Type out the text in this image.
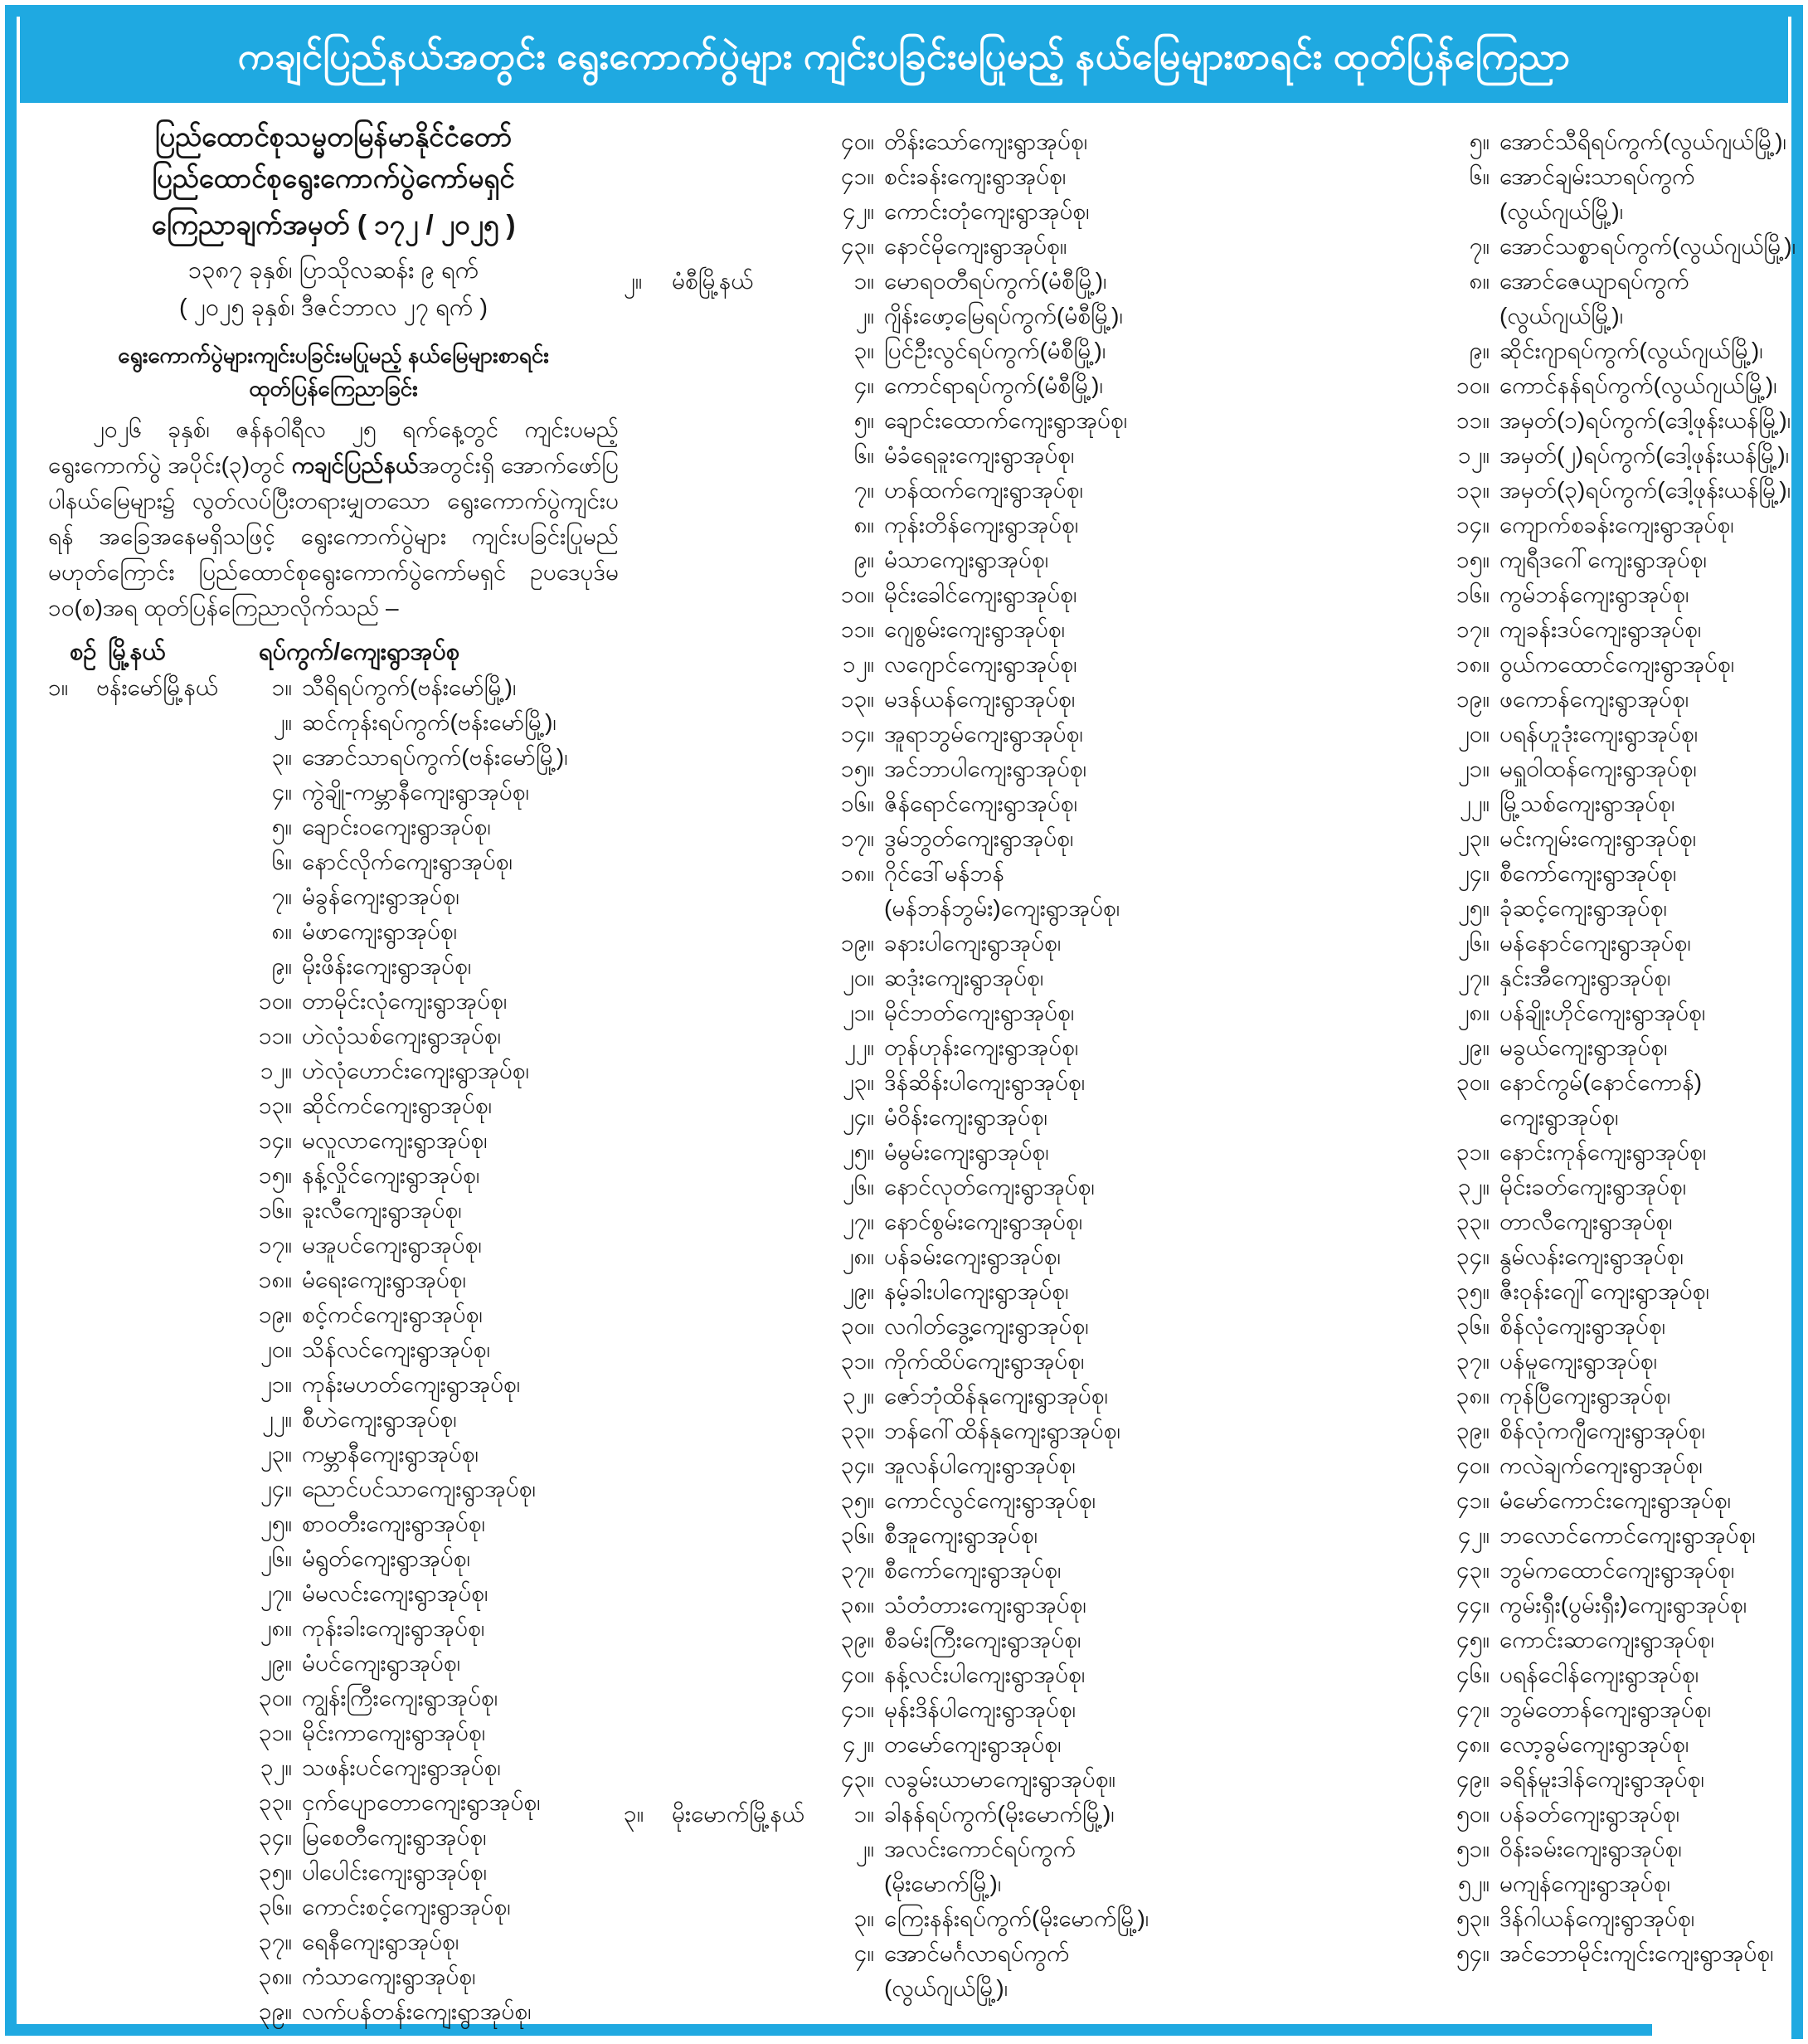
ကချင်ပြည်နယ်အတွင်း ရွေးကောက်ပွဲများ ကျင်းပခြင်းမပြုမည့် နယ်မြေများစာရင်း ထုတ်ပြန်ကြေညာ
ပြည်ထောင်စုသမ္မတမြန်မာနိုင်ငံတော်
ပြည်ထောင်စုရွေးကောက်ပွဲကော်မရှင်
ကြေညာချက်အမှတ် ( ၁၇၂ / ၂၀၂၅ )
၁၃၈၇ ခုနှစ်၊ ပြာသိုလဆန်း ၉ ရက်
( ၂၀၂၅ ခုနှစ်၊ ဒီဇင်ဘာလ ၂၇ ရက် )
ရွေးကောက်ပွဲများကျင်းပခြင်းမပြုမည့် နယ်မြေများစာရင်း ထုတ်ပြန်ကြေညာခြင်း
၂၀၂၆ ခုနှစ်၊ ဇန်နဝါရီလ ၂၅ ရက်နေ့တွင် ကျင်းပမည့် ရွေးကောက်ပွဲ အပိုင်း(၃)တွင် ကချင်ပြည်နယ်အတွင်းရှိ အောက်ဖော်ပြပါနယ်မြေများ၌ လွတ်လပ်ပြီးတရားမျှတသော ရွေးကောက်ပွဲကျင်းပရန် အခြေအနေမရှိသဖြင့် ရွေးကောက်ပွဲများ ကျင်းပခြင်းပြုမည် မဟုတ်ကြောင်း ပြည်ထောင်စုရွေးကောက်ပွဲကော်မရှင် ဥပဒေပုဒ်မ ၁၀(စ)အရ ထုတ်ပြန်ကြေညာလိုက်သည် –
စဉ် မြို့နယ်	ရပ်ကွက်/ကျေးရွာအုပ်စု
၁။	ဗန်းမော်မြို့နယ်	၁။ သီရိရပ်ကွက်(ဗန်းမော်မြို့)၊
၂။ ဆင်ကုန်းရပ်ကွက်(ဗန်းမော်မြို့)၊
၃။ အောင်သာရပ်ကွက်(ဗန်းမော်မြို့)၊
၄။ ကွဲချို-ကမ္ဘာနီကျေးရွာအုပ်စု၊
၅။ ချောင်းဝကျေးရွာအုပ်စု၊
၆။ နောင်လိုက်ကျေးရွာအုပ်စု၊
၇။ မံခွန်ကျေးရွာအုပ်စု၊
၈။ မံဖာကျေးရွာအုပ်စု၊
၉။ မိုးဖိန်းကျေးရွာအုပ်စု၊
၁၀။ တာမိုင်းလုံကျေးရွာအုပ်စု၊
၁၁။ ဟဲလုံသစ်ကျေးရွာအုပ်စု၊
၁၂။ ဟဲလုံဟောင်းကျေးရွာအုပ်စု၊
၁၃။ ဆိုင်ကင်ကျေးရွာအုပ်စု၊
၁၄။ မလူလာကျေးရွာအုပ်စု၊
၁၅။ နန့်လှိုင်ကျေးရွာအုပ်စု၊
၁၆။ ခူးလီကျေးရွာအုပ်စု၊
၁၇။ မအူပင်ကျေးရွာအုပ်စု၊
၁၈။ မံရေးကျေးရွာအုပ်စု၊
၁၉။ စင့်ကင်ကျေးရွာအုပ်စု၊
၂၀။ သိန်လင်ကျေးရွာအုပ်စု၊
၂၁။ ကုန်းမဟတ်ကျေးရွာအုပ်စု၊
၂၂။ စီဟဲကျေးရွာအုပ်စု၊
၂၃။ ကမ္ဘာနီကျေးရွာအုပ်စု၊
၂၄။ ညောင်ပင်သာကျေးရွာအုပ်စု၊
၂၅။ စာဝတီးကျေးရွာအုပ်စု၊
၂၆။ မံရွတ်ကျေးရွာအုပ်စု၊
၂၇။ မံမလင်းကျေးရွာအုပ်စု၊
၂၈။ ကုန်းခါးကျေးရွာအုပ်စု၊
၂၉။ မံပင်ကျေးရွာအုပ်စု၊
၃၀။ ကျွန်းကြီးကျေးရွာအုပ်စု၊
၃၁။ မိုင်းကာကျေးရွာအုပ်စု၊
၃၂။ သဖန်းပင်ကျေးရွာအုပ်စု၊
၃၃။ ငှက်ပျောတောကျေးရွာအုပ်စု၊
၃၄။ မြစေတီကျေးရွာအုပ်စု၊
၃၅။ ပါပေါင်းကျေးရွာအုပ်စု၊
၃၆။ ကောင်းစင့်ကျေးရွာအုပ်စု၊
၃၇။ ရေနီကျေးရွာအုပ်စု၊
၃၈။ ကံသာကျေးရွာအုပ်စု၊
၃၉။ လက်ပန်တန်းကျေးရွာအုပ်စု၊
၄၀။ တိန်းသော်ကျေးရွာအုပ်စု၊
၄၁။ စင်းခန်းကျေးရွာအုပ်စု၊
၄၂။ ကောင်းတုံကျေးရွာအုပ်စု၊
၄၃။ နောင်မိုကျေးရွာအုပ်စု။
၂။	မံစီမြို့နယ်	၁။ မောရဝတီရပ်ကွက်(မံစီမြို့)၊
၂။ ဂျိန်းဖော့မြေရပ်ကွက်(မံစီမြို့)၊
၃။ ပြင်ဦးလွင်ရပ်ကွက်(မံစီမြို့)၊
၄။ ကောင်ရာရပ်ကွက်(မံစီမြို့)၊
၅။ ချောင်းထောက်ကျေးရွာအုပ်စု၊
၆။ မံခံရေခူးကျေးရွာအုပ်စု၊
၇။ ဟန်ထက်ကျေးရွာအုပ်စု၊
၈။ ကုန်းတိန်ကျေးရွာအုပ်စု၊
၉။ မံသာကျေးရွာအုပ်စု၊
၁၀။ မိုင်းခေါင်ကျေးရွာအုပ်စု၊
၁၁။ ဂျေစွမ်းကျေးရွာအုပ်စု၊
၁၂။ လဂျောင်ကျေးရွာအုပ်စု၊
၁၃။ မဒန်ယန်ကျေးရွာအုပ်စု၊
၁၄။ အူရာဘွမ်ကျေးရွာအုပ်စု၊
၁၅။ အင်ဘာပါကျေးရွာအုပ်စု၊
၁၆။ ဇိန်ရောင်ကျေးရွာအုပ်စု၊
၁၇။ ဒွမ်ဘွတ်ကျေးရွာအုပ်စု၊
၁၈။ ဂိုင်ဒေါ်မန်ဘန်
(မန်ဘန်ဘွမ်း)ကျေးရွာအုပ်စု၊
၁၉။ ခနားပါကျေးရွာအုပ်စု၊
၂၀။ ဆဒုံးကျေးရွာအုပ်စု၊
၂၁။ မိုင်ဘတ်ကျေးရွာအုပ်စု၊
၂၂။ တုန်ဟုန်းကျေးရွာအုပ်စု၊
၂၃။ ဒိန်ဆိန်းပါကျေးရွာအုပ်စု၊
၂၄။ မံဝိန်းကျေးရွာအုပ်စု၊
၂၅။ မံမွမ်းကျေးရွာအုပ်စု၊
၂၆။ နောင်လုတ်ကျေးရွာအုပ်စု၊
၂၇။ နောင်စွမ်းကျေးရွာအုပ်စု၊
၂၈။ ပန်ခမ်းကျေးရွာအုပ်စု၊
၂၉။ နမ့်ခါးပါကျေးရွာအုပ်စု၊
၃၀။ လဂါတ်ဒွေ့ကျေးရွာအုပ်စု၊
၃၁။ ကိုက်ထိပ်ကျေးရွာအုပ်စု၊
၃၂။ ဇော်ဘုံထိန်နုကျေးရွာအုပ်စု၊
၃၃။ ဘန်ဂေါ်ထိန်နုကျေးရွာအုပ်စု၊
၃၄။ အူလန်ပါကျေးရွာအုပ်စု၊
၃၅။ ကောင်လွင်ကျေးရွာအုပ်စု၊
၃၆။ စီအူကျေးရွာအုပ်စု၊
၃၇။ စီကော်ကျေးရွာအုပ်စု၊
၃၈။ သံတံတားကျေးရွာအုပ်စု၊
၃၉။ စီခမ်းကြီးကျေးရွာအုပ်စု၊
၄၀။ နန့်လင်းပါကျေးရွာအုပ်စု၊
၄၁။ မုန်းဒိန်ပါကျေးရွာအုပ်စု၊
၄၂။ တမော်ကျေးရွာအုပ်စု၊
၄၃။ လခွမ်းယာမာကျေးရွာအုပ်စု။
၃။	မိုးမောက်မြို့နယ်	၁။ ခါနန်ရပ်ကွက်(မိုးမောက်မြို့)၊
၂။ အလင်းကောင်ရပ်ကွက်
(မိုးမောက်မြို့)၊
၃။ ကြေးနန်းရပ်ကွက်(မိုးမောက်မြို့)၊
၄။ အောင်မင်္ဂလာရပ်ကွက်
(လွယ်ဂျယ်မြို့)၊
၅။ အောင်သီရိရပ်ကွက်(လွယ်ဂျယ်မြို့)၊
၆။ အောင်ချမ်းသာရပ်ကွက်
(လွယ်ဂျယ်မြို့)၊
၇။ အောင်သစ္စာရပ်ကွက်(လွယ်ဂျယ်မြို့)၊
၈။ အောင်ဇေယျာရပ်ကွက်
(လွယ်ဂျယ်မြို့)၊
၉။ ဆိုင်းဂျာရပ်ကွက်(လွယ်ဂျယ်မြို့)၊
၁၀။ ကောင်နန်ရပ်ကွက်(လွယ်ဂျယ်မြို့)၊
၁၁။ အမှတ်(၁)ရပ်ကွက်(ဒေါ့ဖုန်းယန်မြို့)၊
၁၂။ အမှတ်(၂)ရပ်ကွက်(ဒေါ့ဖုန်းယန်မြို့)၊
၁၃။ အမှတ်(၃)ရပ်ကွက်(ဒေါ့ဖုန်းယန်မြို့)၊
၁၄။ ကျောက်စခန်းကျေးရွာအုပ်စု၊
၁၅။ ကျရီဒဂေါ်ကျေးရွာအုပ်စု၊
၁၆။ ကွမ်ဘန်ကျေးရွာအုပ်စု၊
၁၇။ ကျခန်းဒပ်ကျေးရွာအုပ်စု၊
၁၈။ ဝွယ်ကထောင်ကျေးရွာအုပ်စု၊
၁၉။ ဖကောန်ကျေးရွာအုပ်စု၊
၂၀။ ပရန်ဟူဒုံးကျေးရွာအုပ်စု၊
၂၁။ မရှူဝါထန်ကျေးရွာအုပ်စု၊
၂၂။ မြို့သစ်ကျေးရွာအုပ်စု၊
၂၃။ မင်းကျမ်းကျေးရွာအုပ်စု၊
၂၄။ စီကော်ကျေးရွာအုပ်စု၊
၂၅။ ခုံဆင့်ကျေးရွာအုပ်စု၊
၂၆။ မန်နောင်ကျေးရွာအုပ်စု၊
၂၇။ နှင်းအီကျေးရွာအုပ်စု၊
၂၈။ ပန်ချိုးဟိုင်ကျေးရွာအုပ်စု၊
၂၉။ မခွယ်ကျေးရွာအုပ်စု၊
၃၀။ နောင်ကွမ်(နောင်ကောန်)
ကျေးရွာအုပ်စု၊
၃၁။ နောင်းကုန်ကျေးရွာအုပ်စု၊
၃၂။ မိုင်းခတ်ကျေးရွာအုပ်စု၊
၃၃။ တာလီကျေးရွာအုပ်စု၊
၃၄။ နွမ်လန်းကျေးရွာအုပ်စု၊
၃၅။ ဇီးဝုန်းဂျေါ်ကျေးရွာအုပ်စု၊
၃၆။ စိန်လုံကျေးရွာအုပ်စု၊
၃၇။ ပန်မူကျေးရွာအုပ်စု၊
၃၈။ ကုန်ပြီကျေးရွာအုပ်စု၊
၃၉။ စိန်လုံကဂျီကျေးရွာအုပ်စု၊
၄၀။ ကလဲချက်ကျေးရွာအုပ်စု၊
၄၁။ မံမော်ကောင်းကျေးရွာအုပ်စု၊
၄၂။ ဘလောင်ကောင်ကျေးရွာအုပ်စု၊
၄၃။ ဘွမ်ကထောင်ကျေးရွာအုပ်စု၊
၄၄။ ကွမ်းရှီး(ပွမ်းရှီး)ကျေးရွာအုပ်စု၊
၄၅။ ကောင်းဆာကျေးရွာအုပ်စု၊
၄၆။ ပရန်ငေါန်ကျေးရွာအုပ်စု၊
၄၇။ ဘွမ်တောန်ကျေးရွာအုပ်စု၊
၄၈။ လော့ခွမ်ကျေးရွာအုပ်စု၊
၄၉။ ခရိန်မူးဒါန်ကျေးရွာအုပ်စု၊
၅၀။ ပန်ခတ်ကျေးရွာအုပ်စု၊
၅၁။ ဝိန်းခမ်းကျေးရွာအုပ်စု၊
၅၂။ မကျန်ကျေးရွာအုပ်စု၊
၅၃။ ဒိန်ဂါယန်ကျေးရွာအုပ်စု၊
၅၄။ အင်ဘောမိုင်းကျင်းကျေးရွာအုပ်စု၊
